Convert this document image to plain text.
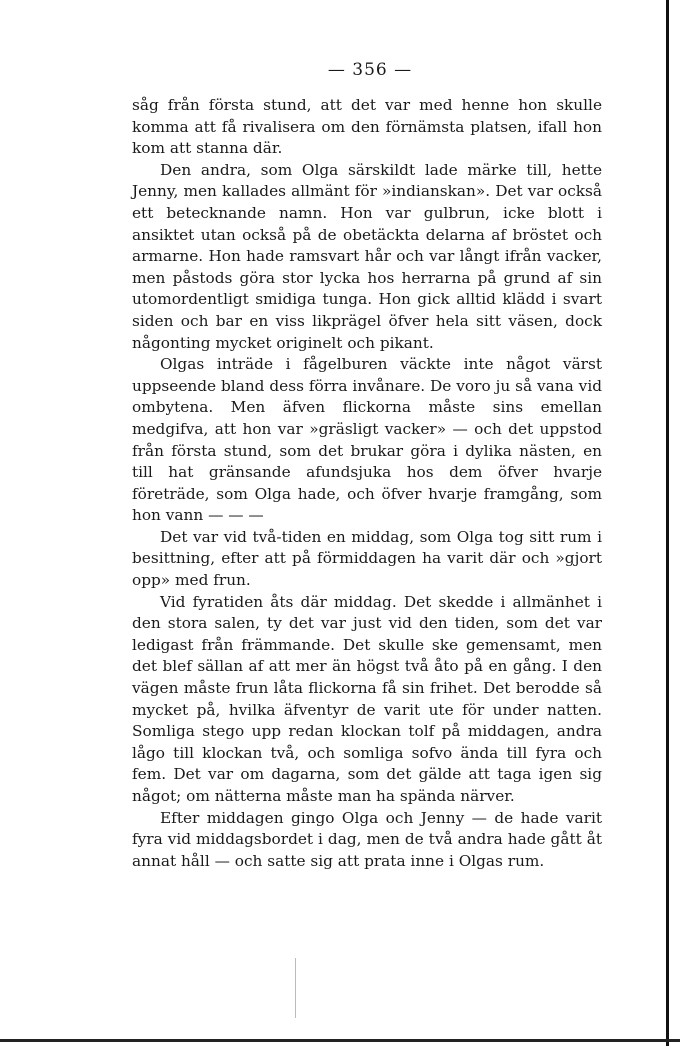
— 356 —

såg från första stund, att det var med henne hon skulle komma att få rivalisera om den förnämsta platsen, ifall hon kom att stanna där.

Den andra, som Olga särskildt lade märke till, hette Jenny, men kallades allmänt för »indianskan». Det var också ett betecknande namn. Hon var gulbrun, icke blott i ansiktet utan också på de obetäckta delarna af bröstet och armarne. Hon hade ramsvart hår och var långt ifrån vacker, men påstods göra stor lycka hos herrarna på grund af sin utomordentligt smidiga tunga. Hon gick alltid klädd i svart siden och bar en viss likprägel öfver hela sitt väsen, dock någonting mycket originelt och pikant.

Olgas inträde i fågelburen väckte inte något värst uppseende bland dess förra invånare. De voro ju så vana vid ombytena. Men äfven flickorna måste sins emellan medgifva, att hon var »gräsligt vacker» — och det uppstod från första stund, som det brukar göra i dylika nästen, en till hat gränsande afundsjuka hos dem öfver hvarje företräde, som Olga hade, och öfver hvarje framgång, som hon vann — — —

Det var vid två-tiden en middag, som Olga tog sitt rum i besittning, efter att på förmiddagen ha varit där och »gjort opp» med frun.

Vid fyratiden åts där middag. Det skedde i allmänhet i den stora salen, ty det var just vid den tiden, som det var ledigast från främmande. Det skulle ske gemensamt, men det blef sällan af att mer än högst två åto på en gång. I den vägen måste frun låta flickorna få sin frihet. Det berodde så mycket på, hvilka äfventyr de varit ute för under natten. Somliga stego upp redan klockan tolf på middagen, andra lågo till klockan två, och somliga sofvo ända till fyra och fem. Det var om dagarna, som det gälde att taga igen sig något; om nätterna måste man ha spända närver.

Efter middagen gingo Olga och Jenny — de hade varit fyra vid middagsbordet i dag, men de två andra hade gått åt annat håll — och satte sig att prata inne i Olgas rum.
